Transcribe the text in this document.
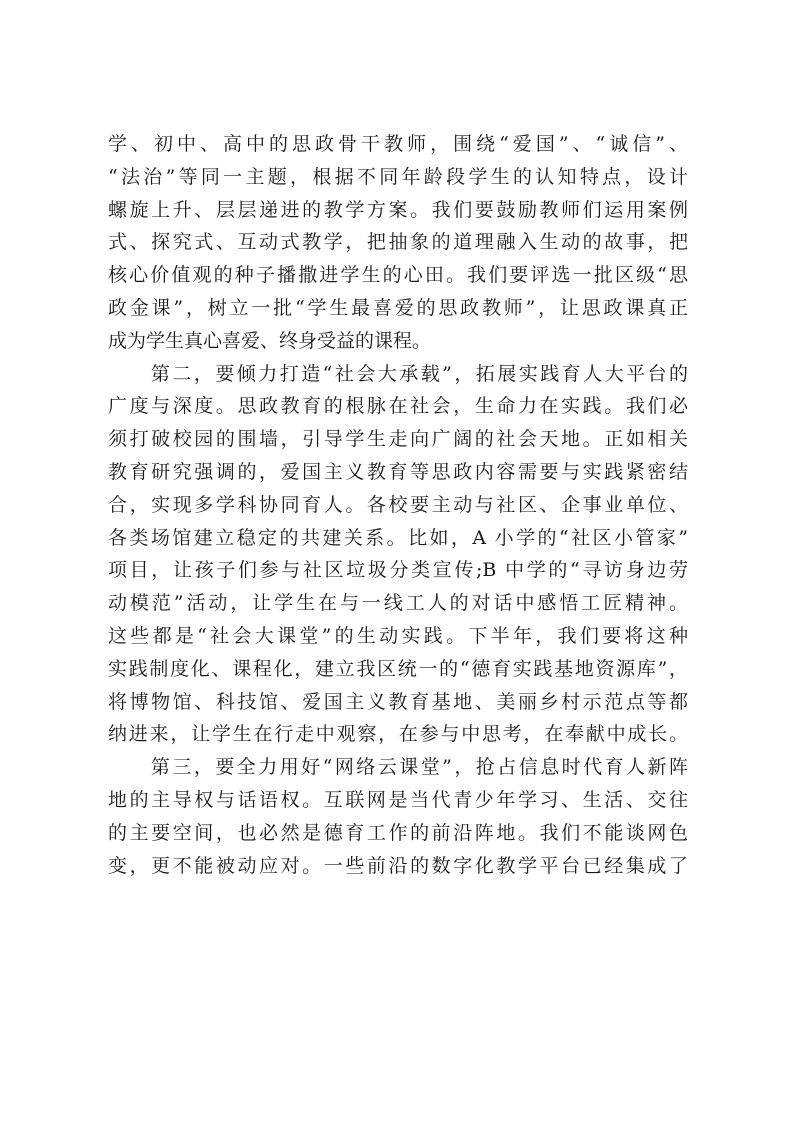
学、初中、高中的思政骨干教师，围绕“爱国”、“诚信”、
“法治”等同一主题，根据不同年龄段学生的认知特点，设计
螺旋上升、层层递进的教学方案。我们要鼓励教师们运用案例
式、探究式、互动式教学，把抽象的道理融入生动的故事，把
核心价值观的种子播撒进学生的心田。我们要评选一批区级“思
政金课”，树立一批“学生最喜爱的思政教师”，让思政课真正
成为学生真心喜爱、终身受益的课程。
　　第二，要倾力打造“社会大承载”，拓展实践育人大平台的
广度与深度。思政教育的根脉在社会，生命力在实践。我们必
须打破校园的围墙，引导学生走向广阔的社会天地。正如相关
教育研究强调的，爱国主义教育等思政内容需要与实践紧密结
合，实现多学科协同育人。各校要主动与社区、企事业单位、
各类场馆建立稳定的共建关系。比如，A 小学的“社区小管家”
项目，让孩子们参与社区垃圾分类宣传;B 中学的“寻访身边劳
动模范”活动，让学生在与一线工人的对话中感悟工匠精神。
这些都是“社会大课堂”的生动实践。下半年，我们要将这种
实践制度化、课程化，建立我区统一的“德育实践基地资源库”，
将博物馆、科技馆、爱国主义教育基地、美丽乡村示范点等都
纳进来，让学生在行走中观察，在参与中思考，在奉献中成长。
　　第三，要全力用好“网络云课堂”，抢占信息时代育人新阵
地的主导权与话语权。互联网是当代青少年学习、生活、交往
的主要空间，也必然是德育工作的前沿阵地。我们不能谈网色
变，更不能被动应对。一些前沿的数字化教学平台已经集成了
